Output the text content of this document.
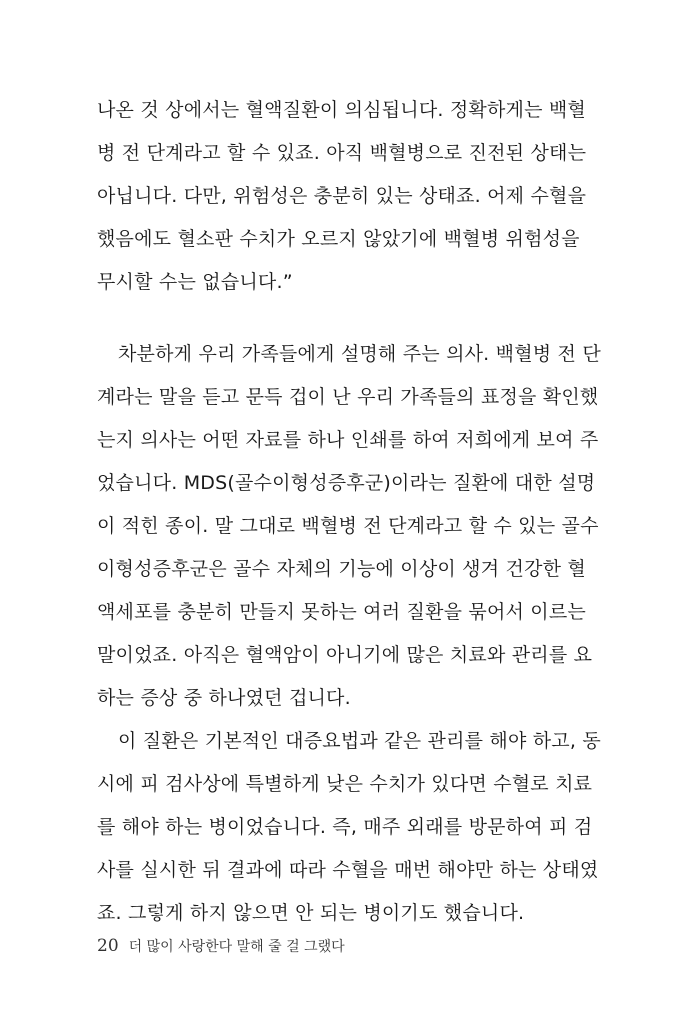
나온 것 상에서는 혈액질환이 의심됩니다. 정확하게는 백혈
병 전 단계라고 할 수 있죠. 아직 백혈병으로 진전된 상태는
아닙니다. 다만, 위험성은 충분히 있는 상태죠. 어제 수혈을
했음에도 혈소판 수치가 오르지 않았기에 백혈병 위험성을
무시할 수는 없습니다.”
차분하게 우리 가족들에게 설명해 주는 의사. 백혈병 전 단
계라는 말을 듣고 문득 겁이 난 우리 가족들의 표정을 확인했
는지 의사는 어떤 자료를 하나 인쇄를 하여 저희에게 보여 주
었습니다. MDS(골수이형성증후군)이라는 질환에 대한 설명
이 적힌 종이. 말 그대로 백혈병 전 단계라고 할 수 있는 골수
이형성증후군은 골수 자체의 기능에 이상이 생겨 건강한 혈
액세포를 충분히 만들지 못하는 여러 질환을 묶어서 이르는
말이었죠. 아직은 혈액암이 아니기에 많은 치료와 관리를 요
하는 증상 중 하나였던 겁니다.
이 질환은 기본적인 대증요법과 같은 관리를 해야 하고, 동
시에 피 검사상에 특별하게 낮은 수치가 있다면 수혈로 치료
를 해야 하는 병이었습니다. 즉, 매주 외래를 방문하여 피 검
사를 실시한 뒤 결과에 따라 수혈을 매번 해야만 하는 상태였
죠. 그렇게 하지 않으면 안 되는 병이기도 했습니다.
20 더 많이 사랑한다 말해 줄 걸 그랬다
